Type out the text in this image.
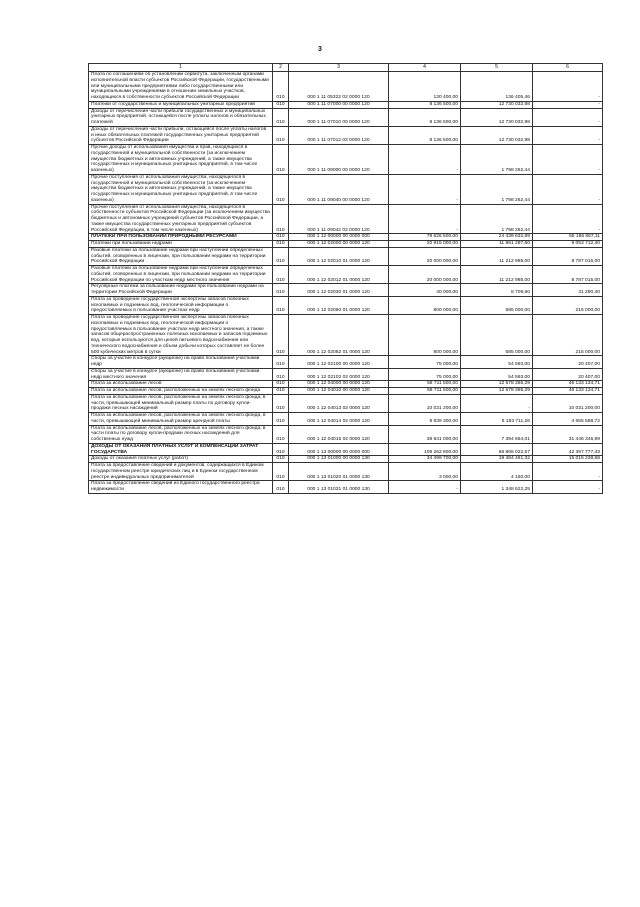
3
1	2	3	4	5	6
Плата по соглашениям об установлении сервитута, заключенным органами исполнительной власти субъектов Российской Федерации, государственными или муниципальными предприятиями либо государственными или муниципальными учреждениями в отношении земельных участков, находящихся в собственности субъектов Российской Федерации	010	000 1 11 05322 02 0000 120	130 400,00	136 405,46	-
Платежи от государственных и муниципальных унитарных предприятий	010	000 1 11 07000 00 0000 120	8 136 500,00	12 730 032,98	-
Доходы от перечисления части прибыли государственных и муниципальных унитарных предприятий, остающейся после уплаты налогов и обязательных платежей	010	000 1 11 07010 00 0000 120	8 136 500,00	12 730 032,98	-
Доходы от перечисления части прибыли, остающейся после уплаты налогов и иных обязательных платежей государственных унитарных предприятий субъектов Российской Федерации	010	000 1 11 07012 02 0000 120	8 136 500,00	12 730 032,98	-
Прочие доходы от использования имущества и прав, находящихся в государственной и муниципальной собственности (за исключением имущества бюджетных и автономных учреждений, а также имущества государственных и муниципальных унитарных предприятий, в том числе казенных)	010	000 1 11 09000 00 0000 120	-	1 798 262,44	-
Прочие поступления от использования имущества, находящегося в государственной и муниципальной собственности (за исключением имущества бюджетных и автономных учреждений, а также имущества государственных и муниципальных унитарных предприятий, в том числе казенных)	010	000 1 11 09040 00 0000 120	-	1 798 262,44	-
Прочие поступления от использования имущества, находящегося в собственности субъектов Российской Федерации (за исключением имущества бюджетных и автономных учреждений субъектов Российской Федерации, а также имущества государственных унитарных предприятий субъектов Российской Федерации, в том числе казенных)	010	000 1 11 09042 02 0000 120	-	1 798 262,44	-
ПЛАТЕЖИ ПРИ ПОЛЬЗОВАНИИ ПРИРОДНЫМИ РЕСУРСАМИ	010	000 1 12 00000 00 0000 000	79 626 500,00	24 439 632,89	55 186 867,11
Платежи при пользовании недрами	010	000 1 12 02000 00 0000 120	20 915 000,00	11 861 287,60	9 053 712,40
Разовые платежи за пользование недрами при наступлении определенных событий, оговоренных в лицензии, при пользовании недрами на территории Российской Федерации	010	000 1 12 02010 01 0000 120	20 000 000,00	11 212 985,00	8 787 015,00
Разовые платежи за пользование недрами при наступлении определенных событий, оговоренных в лицензии, при пользовании недрами на территории Российской Федерации по участкам недр местного значения	010	000 1 12 02012 01 0000 120	20 000 000,00	11 212 985,00	8 787 015,00
Регулярные платежи за пользование недрами при пользовании недрами на территории Российской Федерации	010	000 1 12 02030 01 0000 120	40 000,00	8 709,60	31 290,40
Плата за проведение государственной экспертизы запасов полезных ископаемых и подземных вод, геологической информации о предоставляемых в пользование участках недр	010	000 1 12 02060 01 0000 120	800 000,00	585 000,00	215 000,00
Плата за проведение государственной экспертизы запасов полезных ископаемых и подземных вод, геологической информации о предоставляемых в пользование участках недр местного значения, а также запасов общераспространенных полезных ископаемых и запасов подземных вод, которые используются для целей питьевого водоснабжения или технического водоснабжения и объем добычи которых составляет не более 500 кубических метров в сутки	010	000 1 12 02062 01 0000 120	800 000,00	585 000,00	215 000,00
Сборы за участие в конкурсе (аукционе) на право пользования участками недр	010	000 1 12 02100 00 0000 120	75 000,00	54 593,00	20 407,00
Сборы за участие в конкурсе (аукционе) на право пользования участками недр местного значения	010	000 1 12 02102 02 0000 120	75 000,00	54 593,00	20 407,00
Плата за использование лесов	010	000 1 12 04000 00 0000 120	58 711 500,00	12 578 365,29	46 133 134,71
Плата за использование лесов, расположенных на землях лесного фонда	010	000 1 12 04010 00 0000 120	58 711 500,00	12 578 365,29	46 133 134,71
Плата за использование лесов, расположенных на землях лесного фонда, в части, превышающей минимальный размер платы по договору купли-продажи лесных насаждений	010	000 1 12 04013 02 0000 120	10 031 200,00	-	10 031 200,00
Плата за использование лесов, расположенных на землях лесного фонда, в части, превышающей минимальный размер арендной платы	010	000 1 12 04014 02 0000 120	9 839 300,00	5 183 711,26	4 655 588,72
Плата за использование лесов, расположенных на землях лесного фонда, в части платы по договору купли-продажи лесных насаждений для собственных нужд	010	000 1 12 04015 02 0000 120	38 841 000,00	7 394 654,01	31 446 345,99
ДОХОДЫ ОТ ОКАЗАНИЯ ПЛАТНЫХ УСЛУГ И КОМПЕНСАЦИИ ЗАТРАТ ГОСУДАРСТВА	010	000 1 13 00000 00 0000 000	109 262 800,00	66 865 022,57	42 397 777,43
Доходы от оказания платных услуг (работ)	010	000 1 13 01000 00 0000 130	34 499 700,00	19 484 461,32	15 015 238,68
Плата за предоставление сведений и документов, содержащихся в Едином государственном реестре юридических лиц и в Едином государственном реестре индивидуальных предпринимателей	010	000 1 13 01020 01 0000 130	3 000,00	4 150,00	-
Плата за предоставление сведений из Единого государственного реестра недвижимости	010	000 1 13 01031 01 0000 130	-	1 348 622,25	-
